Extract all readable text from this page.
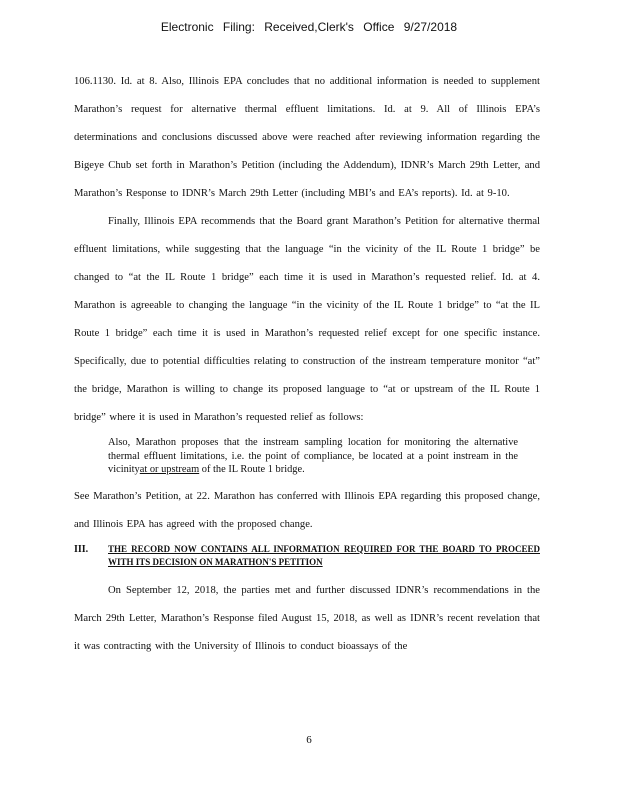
Electronic Filing: Received,Clerk's Office 9/27/2018

106.1130. Id. at 8. Also, Illinois EPA concludes that no additional information is needed to supplement Marathon’s request for alternative thermal effluent limitations. Id. at 9. All of Illinois EPA’s determinations and conclusions discussed above were reached after reviewing information regarding the Bigeye Chub set forth in Marathon’s Petition (including the Addendum), IDNR’s March 29th Letter, and Marathon’s Response to IDNR’s March 29th Letter (including MBI’s and EA’s reports). Id. at 9-10.

Finally, Illinois EPA recommends that the Board grant Marathon’s Petition for alternative thermal effluent limitations, while suggesting that the language “in the vicinity of the IL Route 1 bridge” be changed to “at the IL Route 1 bridge” each time it is used in Marathon’s requested relief. Id. at 4. Marathon is agreeable to changing the language “in the vicinity of the IL Route 1 bridge” to “at the IL Route 1 bridge” each time it is used in Marathon’s requested relief except for one specific instance. Specifically, due to potential difficulties relating to construction of the instream temperature monitor “at” the bridge, Marathon is willing to change its proposed language to “at or upstream of the IL Route 1 bridge” where it is used in Marathon’s requested relief as follows:

Also, Marathon proposes that the instream sampling location for monitoring the alternative thermal effluent limitations, i.e. the point of compliance, be located at a point instream in the vicinityat or upstream of the IL Route 1 bridge.

See Marathon’s Petition, at 22. Marathon has conferred with Illinois EPA regarding this proposed change, and Illinois EPA has agreed with the proposed change.

III.	THE RECORD NOW CONTAINS ALL INFORMATION REQUIRED FOR THE BOARD TO PROCEED WITH ITS DECISION ON MARATHON'S PETITION

On September 12, 2018, the parties met and further discussed IDNR’s recommendations in the March 29th Letter, Marathon’s Response filed August 15, 2018, as well as IDNR’s recent revelation that it was contracting with the University of Illinois to conduct bioassays of the

6
